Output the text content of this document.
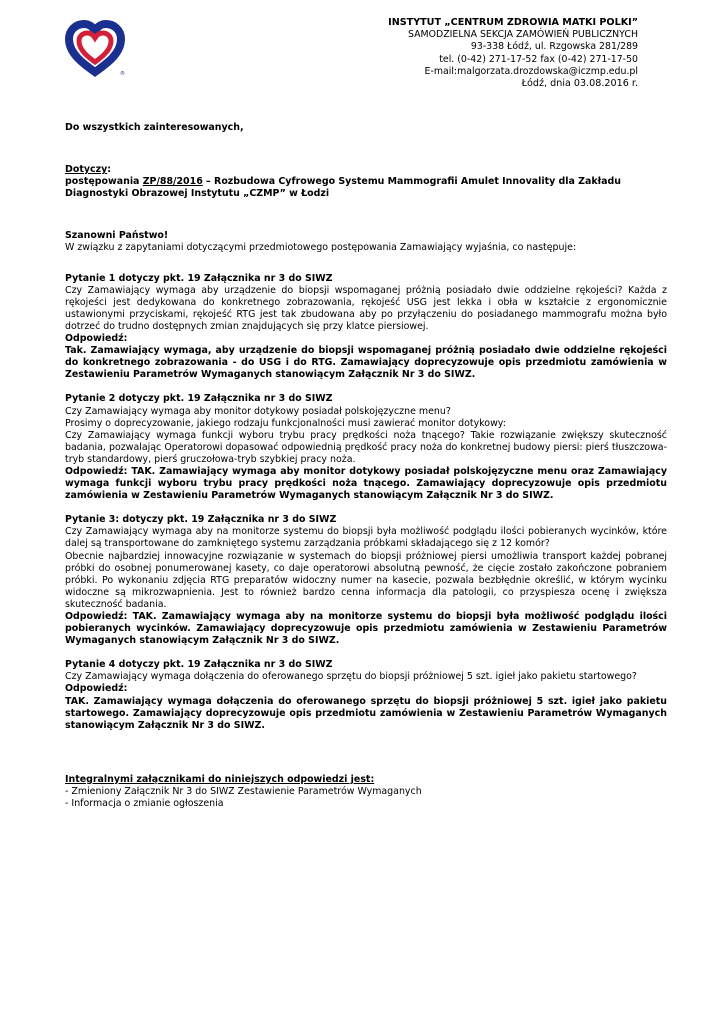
®
INSTYTUT „CENTRUM ZDROWIA MATKI POLKI”
SAMODZIELNA SEKCJA ZAMÓWIEŃ PUBLICZNYCH
93-338 Łódź, ul. Rzgowska 281/289
tel. (0-42) 271-17-52 fax (0-42) 271-17-50
E-mail:malgorzata.drozdowska@iczmp.edu.pl
Łódź, dnia 03.08.2016 r.

Do wszystkich zainteresowanych,

Dotyczy:

postępowania ZP/88/2016 – Rozbudowa Cyfrowego Systemu Mammografii Amulet Innovality dla Zakładu Diagnostyki Obrazowej Instytutu „CZMP” w Łodzi

Szanowni Państwo!

W związku z zapytaniami dotyczącymi przedmiotowego postępowania Zamawiający wyjaśnia, co następuje:

Pytanie 1 dotyczy pkt. 19 Załącznika nr 3 do SIWZ

Czy Zamawiający wymaga aby urządzenie do biopsji wspomaganej próżnią posiadało dwie oddzielne rękojeści? Każda z rękojeści jest dedykowana do konkretnego zobrazowania, rękojeść USG jest lekka i obła w kształcie z ergonomicznie ustawionymi przyciskami, rękojeść RTG jest tak zbudowana aby po przyłączeniu do posiadanego mammografu można było dotrzeć do trudno dostępnych zmian znajdujących się przy klatce piersiowej.

Odpowiedź:

Tak. Zamawiający wymaga, aby urządzenie do biopsji wspomaganej próżnią posiadało dwie oddzielne rękojeści do konkretnego zobrazowania - do USG i do RTG. Zamawiający doprecyzowuje opis przedmiotu zamówienia w Zestawieniu Parametrów Wymaganych stanowiącym Załącznik Nr 3 do SIWZ.

Pytanie 2 dotyczy pkt. 19 Załącznika nr 3 do SIWZ

Czy Zamawiający wymaga aby monitor dotykowy posiadał polskojęzyczne menu?

Prosimy o doprecyzowanie, jakiego rodzaju funkcjonalności musi zawierać monitor dotykowy:

Czy Zamawiający wymaga funkcji wyboru trybu pracy prędkości noża tnącego? Takie rozwiązanie zwiększy skuteczność badania, pozwalając Operatorowi dopasować odpowiednią prędkość pracy noża do konkretnej budowy piersi: pierś tłuszczowa-tryb standardowy, pierś gruczołowa-tryb szybkiej pracy noża.

Odpowiedź: TAK. Zamawiający wymaga aby monitor dotykowy posiadał polskojęzyczne menu oraz Zamawiający wymaga funkcji wyboru trybu pracy prędkości noża tnącego. Zamawiający doprecyzowuje opis przedmiotu zamówienia w Zestawieniu Parametrów Wymaganych stanowiącym Załącznik Nr 3 do SIWZ.

Pytanie 3: dotyczy pkt. 19 Załącznika nr 3 do SIWZ

Czy Zamawiający wymaga aby na monitorze systemu do biopsji była możliwość podglądu ilości pobieranych wycinków, które dalej są transportowane do zamkniętego systemu zarządzania próbkami składającego się z 12 komór?

Obecnie najbardziej innowacyjne rozwiązanie w systemach do biopsji próżniowej piersi umożliwia transport każdej pobranej próbki do osobnej ponumerowanej kasety, co daje operatorowi absolutną pewność, że cięcie zostało zakończone pobraniem próbki. Po wykonaniu zdjęcia RTG preparatów widoczny numer na kasecie, pozwala bezbłędnie określić, w którym wycinku widoczne są mikrozwapnienia. Jest to również bardzo cenna informacja dla patologii, co przyspiesza ocenę i zwiększa skuteczność badania.

Odpowiedź: TAK. Zamawiający wymaga aby na monitorze systemu do biopsji była możliwość podglądu ilości pobieranych wycinków. Zamawiający doprecyzowuje opis przedmiotu zamówienia w Zestawieniu Parametrów Wymaganych stanowiącym Załącznik Nr 3 do SIWZ.

Pytanie 4 dotyczy pkt. 19 Załącznika nr 3 do SIWZ

Czy Zamawiający wymaga dołączenia do oferowanego sprzętu do biopsji próżniowej 5 szt. igieł jako pakietu startowego?

Odpowiedź:

TAK. Zamawiający wymaga dołączenia do oferowanego sprzętu do biopsji próżniowej 5 szt. igieł jako pakietu startowego. Zamawiający doprecyzowuje opis przedmiotu zamówienia w Zestawieniu Parametrów Wymaganych stanowiącym Załącznik Nr 3 do SIWZ.

Integralnymi załącznikami do niniejszych odpowiedzi jest:

- Zmieniony Załącznik Nr 3 do SIWZ Zestawienie Parametrów Wymaganych

- Informacja o zmianie ogłoszenia
